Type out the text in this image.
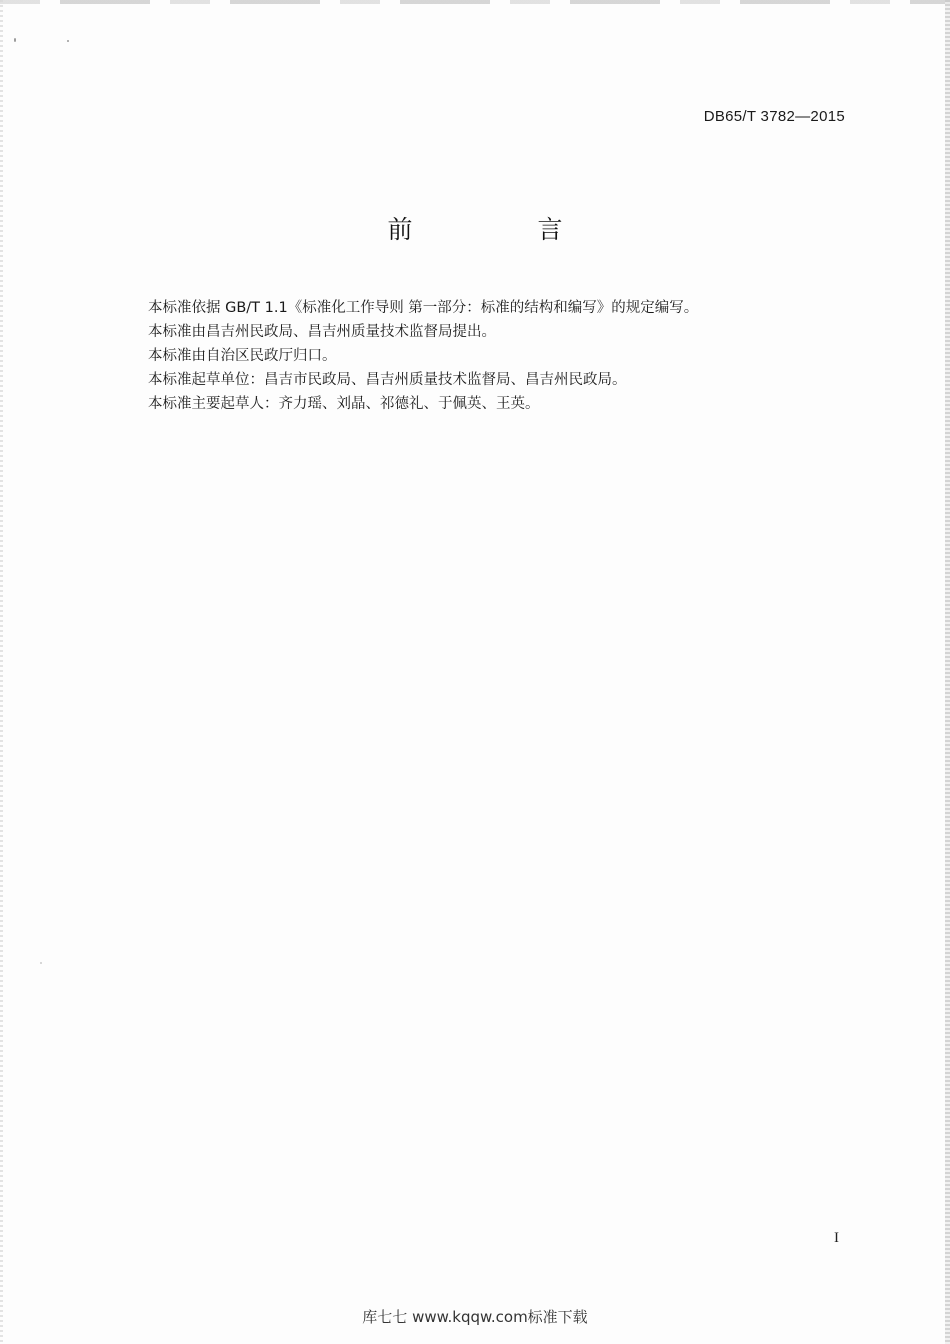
DB65/T 3782—2015
前　言

本标准依据 GB/T 1.1《标准化工作导则 第一部分：标准的结构和编写》的规定编写。

本标准由昌吉州民政局、昌吉州质量技术监督局提出。

本标准由自治区民政厅归口。

本标准起草单位：昌吉市民政局、昌吉州质量技术监督局、昌吉州民政局。

本标准主要起草人：齐力瑶、刘晶、祁德礼、于佩英、王英。

I
库七七 www.kqqw.com标准下载
